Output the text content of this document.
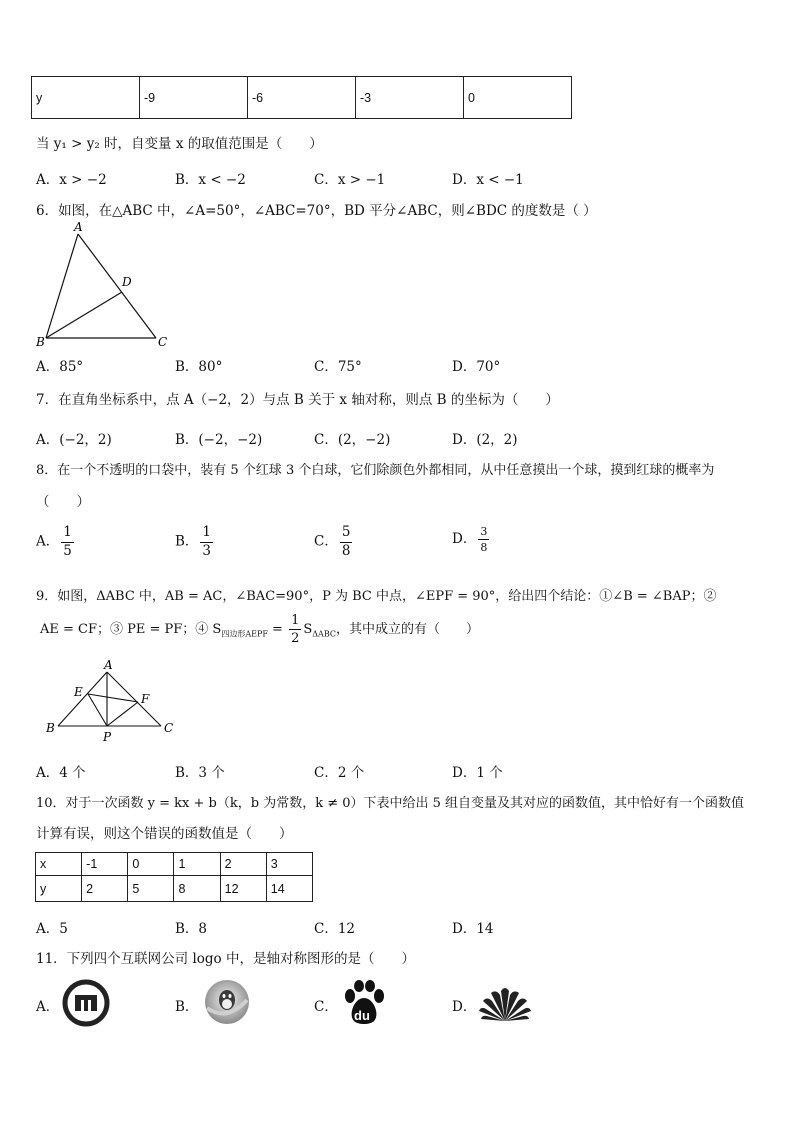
y	-9	-6	-3	0
当 y₁ > y₂ 时，自变量 x 的取值范围是（　　）
A．x > −2	B．x < −2	C．x > −1	D．x < −1
6．如图，在△ABC 中，∠A=50°，∠ABC=70°，BD 平分∠ABC，则∠BDC 的度数是（ ）
A
B	C
D
A．85°	B．80°	C．75°	D．70°
7．在直角坐标系中，点 A（−2，2）与点 B 关于 x 轴对称，则点 B 的坐标为（　　）
A．(−2，2)	B．(−2，−2)	C．(2，−2)	D．(2，2)
8．在一个不透明的口袋中，装有 5 个红球 3 个白球，它们除颜色外都相同，从中任意摸出一个球，摸到红球的概率为
（　　）
A． $\frac{1}{5}$	B． $\frac{1}{3}$	C． $\frac{5}{8}$	D． $\frac{3}{8}$
9．如图，ΔABC 中，AB = AC，∠BAC=90°，P 为 BC 中点，∠EPF = 90°，给出四个结论：①∠B = ∠BAP；②
AE = CF；③ PE = PF；④ $S_{四边形AEPF} = \frac{1}{2} S_{\Delta ABC}$，其中成立的有（　　）
A
E	F
B
P
C
A．4 个	B．3 个	C．2 个	D．1 个
10．对于一次函数 y = kx + b（k，b 为常数，k ≠ 0）下表中给出 5 组自变量及其对应的函数值，其中恰好有一个函数值
计算有误，则这个错误的函数值是（　　）
x	-1	0	1	2	3
y	2	5	8	12	14
A．5	B．8	C．12	D．14
11．下列四个互联网公司 logo 中，是轴对称图形的是（　　）
A．	B．	C．	D．
du
